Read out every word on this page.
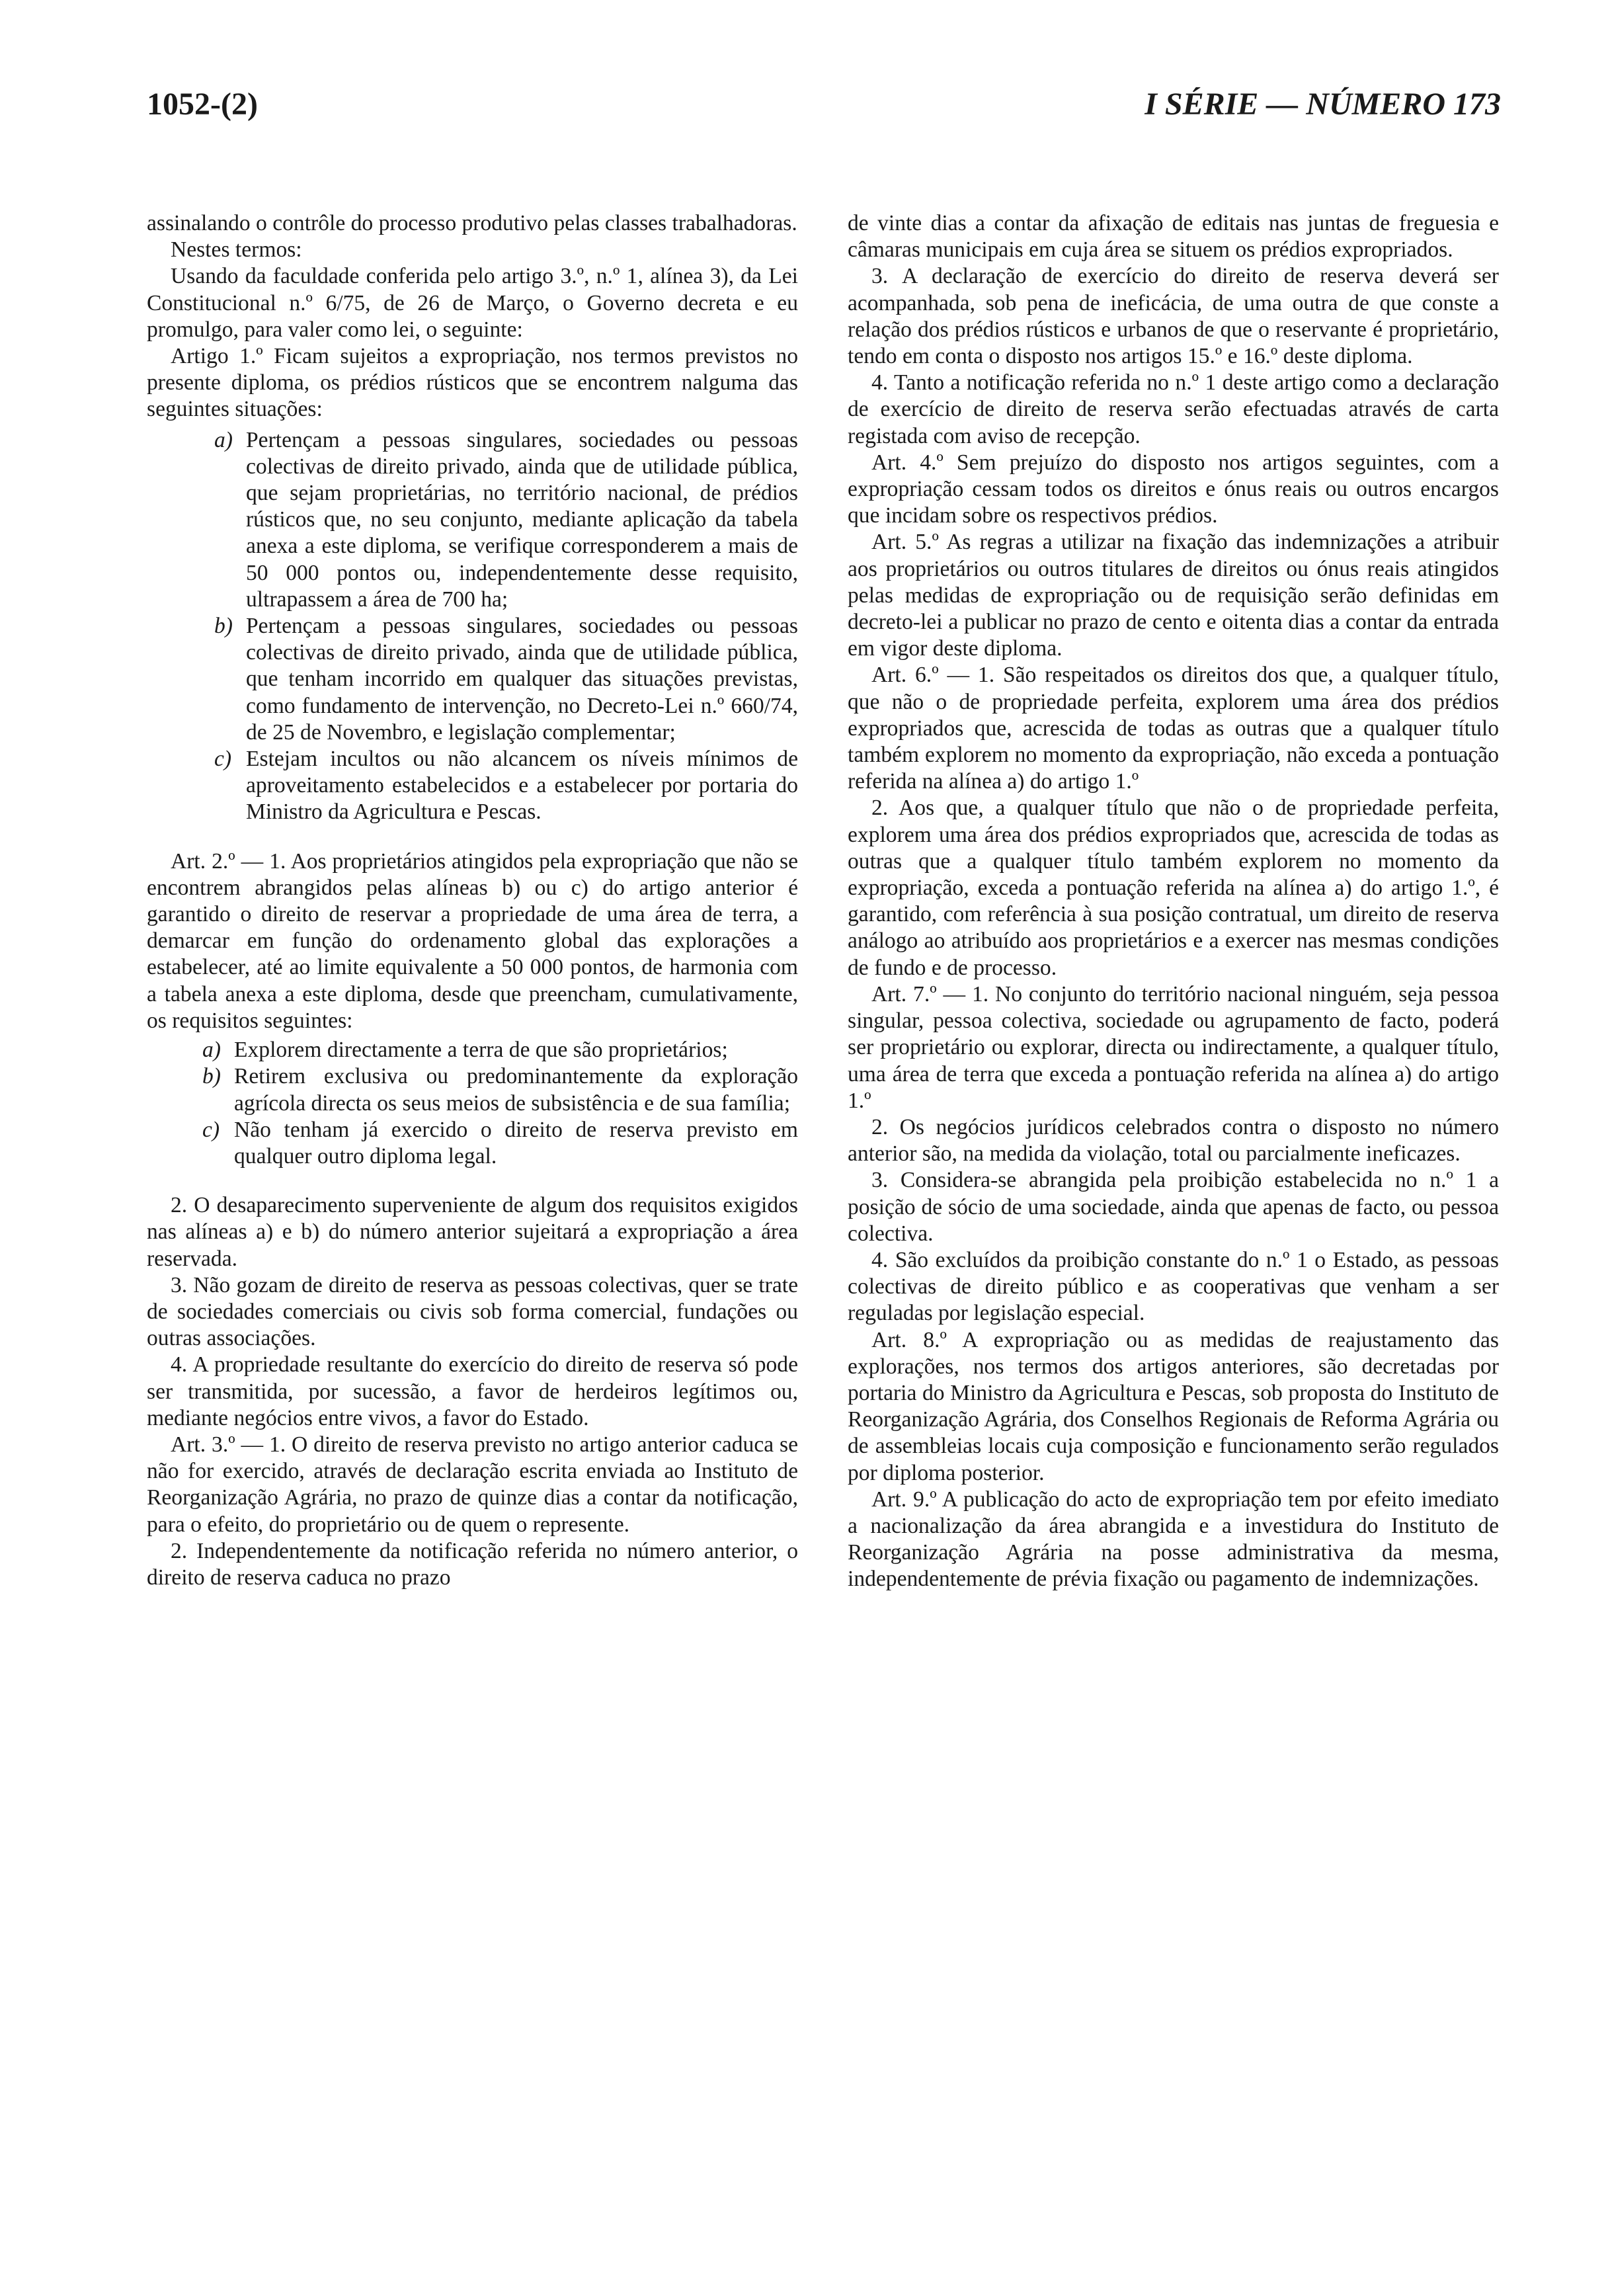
1052-(2)	I SÉRIE — NÚMERO 173

assinalando o contrôle do processo produtivo pelas classes trabalhadoras.

Nestes termos:

Usando da faculdade conferida pelo artigo 3.º, n.º 1, alínea 3), da Lei Constitucional n.º 6/75, de 26 de Março, o Governo decreta e eu promulgo, para valer como lei, o seguinte:

Artigo 1.º Ficam sujeitos a expropriação, nos termos previstos no presente diploma, os prédios rústicos que se encontrem nalguma das seguintes situações:

a) Pertençam a pessoas singulares, sociedades ou pessoas colectivas de direito privado, ainda que de utilidade pública, que sejam proprietárias, no território nacional, de prédios rústicos que, no seu conjunto, mediante aplicação da tabela anexa a este diploma, se verifique corresponderem a mais de 50 000 pontos ou, independentemente desse requisito, ultrapassem a área de 700 ha;
b) Pertençam a pessoas singulares, sociedades ou pessoas colectivas de direito privado, ainda que de utilidade pública, que tenham incorrido em qualquer das situações previstas, como fundamento de intervenção, no Decreto-Lei n.º 660/74, de 25 de Novembro, e legislação complementar;
c) Estejam incultos ou não alcancem os níveis mínimos de aproveitamento estabelecidos e a estabelecer por portaria do Ministro da Agricultura e Pescas.

Art. 2.º — 1. Aos proprietários atingidos pela expropriação que não se encontrem abrangidos pelas alíneas b) ou c) do artigo anterior é garantido o direito de reservar a propriedade de uma área de terra, a demarcar em função do ordenamento global das explorações a estabelecer, até ao limite equivalente a 50 000 pontos, de harmonia com a tabela anexa a este diploma, desde que preencham, cumulativamente, os requisitos seguintes:

a) Explorem directamente a terra de que são proprietários;
b) Retirem exclusiva ou predominantemente da exploração agrícola directa os seus meios de subsistência e de sua família;
c) Não tenham já exercido o direito de reserva previsto em qualquer outro diploma legal.

2. O desaparecimento superveniente de algum dos requisitos exigidos nas alíneas a) e b) do número anterior sujeitará a expropriação a área reservada.

3. Não gozam de direito de reserva as pessoas colectivas, quer se trate de sociedades comerciais ou civis sob forma comercial, fundações ou outras associações.

4. A propriedade resultante do exercício do direito de reserva só pode ser transmitida, por sucessão, a favor de herdeiros legítimos ou, mediante negócios entre vivos, a favor do Estado.

Art. 3.º — 1. O direito de reserva previsto no artigo anterior caduca se não for exercido, através de declaração escrita enviada ao Instituto de Reorganização Agrária, no prazo de quinze dias a contar da notificação, para o efeito, do proprietário ou de quem o represente.

2. Independentemente da notificação referida no número anterior, o direito de reserva caduca no prazo

de vinte dias a contar da afixação de editais nas juntas de freguesia e câmaras municipais em cuja área se situem os prédios expropriados.

3. A declaração de exercício do direito de reserva deverá ser acompanhada, sob pena de ineficácia, de uma outra de que conste a relação dos prédios rústicos e urbanos de que o reservante é proprietário, tendo em conta o disposto nos artigos 15.º e 16.º deste diploma.

4. Tanto a notificação referida no n.º 1 deste artigo como a declaração de exercício de direito de reserva serão efectuadas através de carta registada com aviso de recepção.

Art. 4.º Sem prejuízo do disposto nos artigos seguintes, com a expropriação cessam todos os direitos e ónus reais ou outros encargos que incidam sobre os respectivos prédios.

Art. 5.º As regras a utilizar na fixação das indemnizações a atribuir aos proprietários ou outros titulares de direitos ou ónus reais atingidos pelas medidas de expropriação ou de requisição serão definidas em decreto-lei a publicar no prazo de cento e oitenta dias a contar da entrada em vigor deste diploma.

Art. 6.º — 1. São respeitados os direitos dos que, a qualquer título, que não o de propriedade perfeita, explorem uma área dos prédios expropriados que, acrescida de todas as outras que a qualquer título também explorem no momento da expropriação, não exceda a pontuação referida na alínea a) do artigo 1.º

2. Aos que, a qualquer título que não o de propriedade perfeita, explorem uma área dos prédios expropriados que, acrescida de todas as outras que a qualquer título também explorem no momento da expropriação, exceda a pontuação referida na alínea a) do artigo 1.º, é garantido, com referência à sua posição contratual, um direito de reserva análogo ao atribuído aos proprietários e a exercer nas mesmas condições de fundo e de processo.

Art. 7.º — 1. No conjunto do território nacional ninguém, seja pessoa singular, pessoa colectiva, sociedade ou agrupamento de facto, poderá ser proprietário ou explorar, directa ou indirectamente, a qualquer título, uma área de terra que exceda a pontuação referida na alínea a) do artigo 1.º

2. Os negócios jurídicos celebrados contra o disposto no número anterior são, na medida da violação, total ou parcialmente ineficazes.

3. Considera-se abrangida pela proibição estabelecida no n.º 1 a posição de sócio de uma sociedade, ainda que apenas de facto, ou pessoa colectiva.

4. São excluídos da proibição constante do n.º 1 o Estado, as pessoas colectivas de direito público e as cooperativas que venham a ser reguladas por legislação especial.

Art. 8.º A expropriação ou as medidas de reajustamento das explorações, nos termos dos artigos anteriores, são decretadas por portaria do Ministro da Agricultura e Pescas, sob proposta do Instituto de Reorganização Agrária, dos Conselhos Regionais de Reforma Agrária ou de assembleias locais cuja composição e funcionamento serão regulados por diploma posterior.

Art. 9.º A publicação do acto de expropriação tem por efeito imediato a nacionalização da área abrangida e a investidura do Instituto de Reorganização Agrária na posse administrativa da mesma, independentemente de prévia fixação ou pagamento de indemnizações.
